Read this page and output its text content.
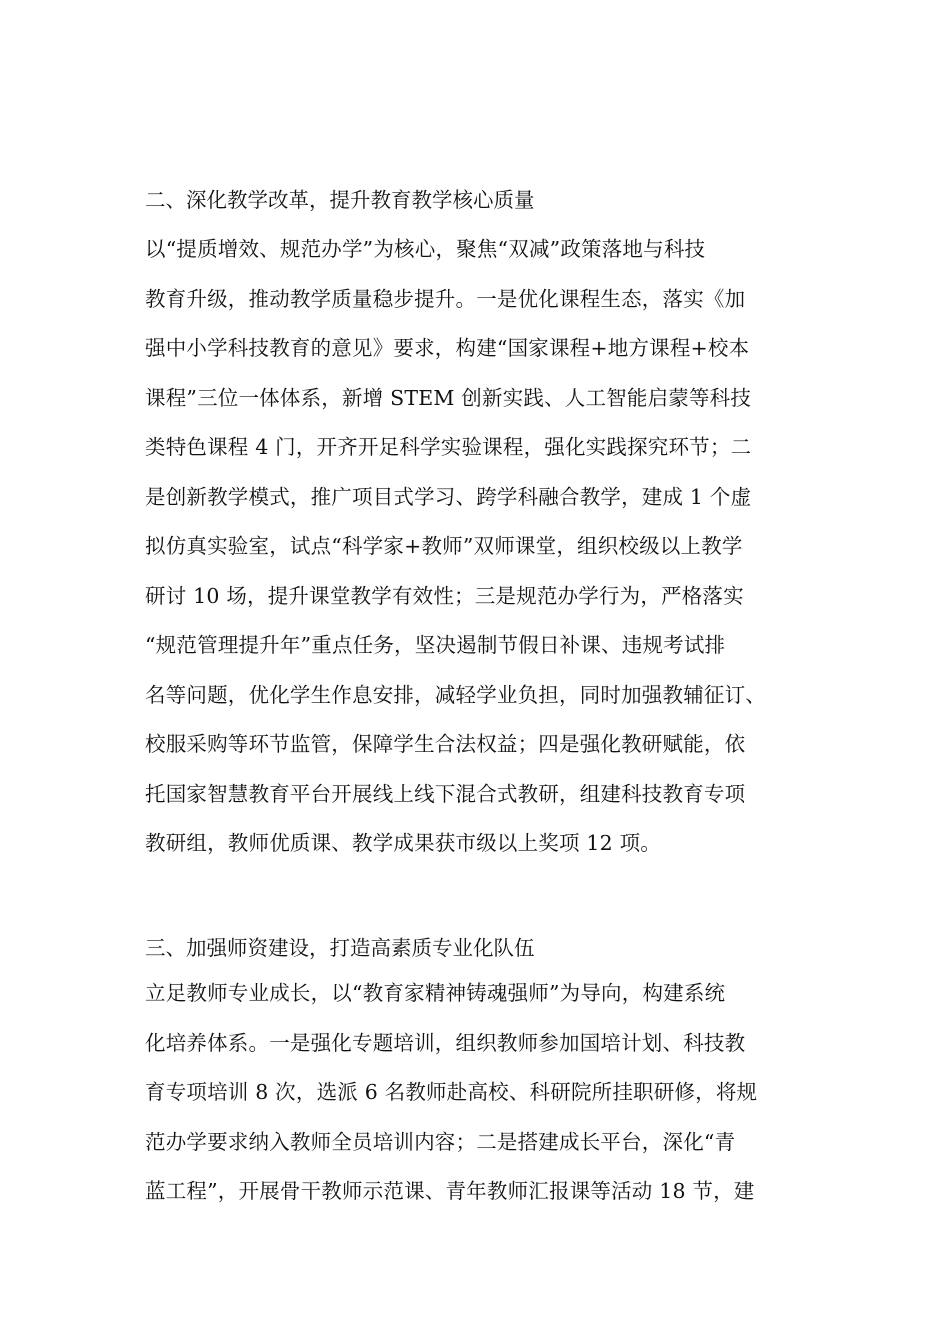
二、深化教学改革，提升教育教学核心质量
以“提质增效、规范办学”为核心，聚焦“双减”政策落地与科技
教育升级，推动教学质量稳步提升。一是优化课程生态，落实《加
强中小学科技教育的意见》要求，构建“国家课程+地方课程+校本
课程”三位一体体系，新增 STEM 创新实践、人工智能启蒙等科技
类特色课程 4 门，开齐开足科学实验课程，强化实践探究环节；二
是创新教学模式，推广项目式学习、跨学科融合教学，建成 1 个虚
拟仿真实验室，试点“科学家+教师”双师课堂，组织校级以上教学
研讨 10 场，提升课堂教学有效性；三是规范办学行为，严格落实
“规范管理提升年”重点任务，坚决遏制节假日补课、违规考试排
名等问题，优化学生作息安排，减轻学业负担，同时加强教辅征订、
校服采购等环节监管，保障学生合法权益；四是强化教研赋能，依
托国家智慧教育平台开展线上线下混合式教研，组建科技教育专项
教研组，教师优质课、教学成果获市级以上奖项 12 项。
三、加强师资建设，打造高素质专业化队伍
立足教师专业成长，以“教育家精神铸魂强师”为导向，构建系统
化培养体系。一是强化专题培训，组织教师参加国培计划、科技教
育专项培训 8 次，选派 6 名教师赴高校、科研院所挂职研修，将规
范办学要求纳入教师全员培训内容；二是搭建成长平台，深化“青
蓝工程”，开展骨干教师示范课、青年教师汇报课等活动 18 节，建
